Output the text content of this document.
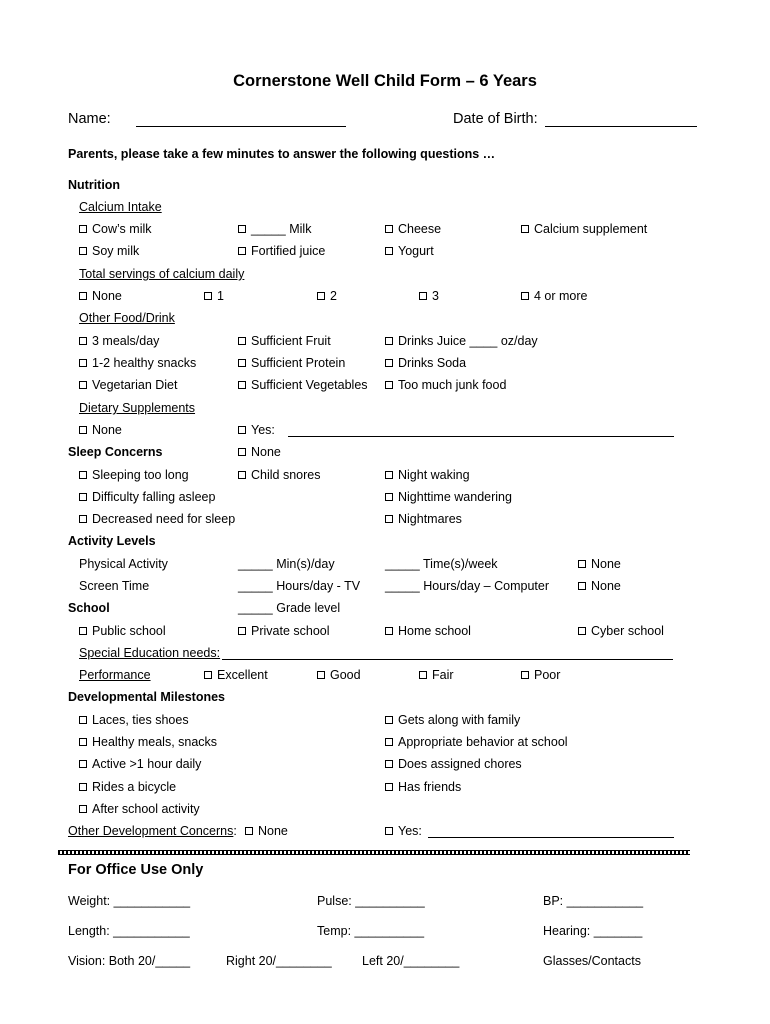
Cornerstone Well Child Form – 6 Years
Name:	Date of Birth:
Parents, please take a few minutes to answer the following questions …
Nutrition
Calcium Intake
Cow’s milk	_____ Milk	Cheese	Calcium supplement
Soy milk	Fortified juice	Yogurt
Total servings of calcium daily
None	1	2	3	4 or more
Other Food/Drink
3 meals/day	Sufficient Fruit	Drinks Juice ____ oz/day
1-2 healthy snacks	Sufficient Protein	Drinks Soda
Vegetarian Diet	Sufficient Vegetables	Too much junk food
Dietary Supplements
None	Yes:
Sleep Concerns	None
Sleeping too long	Child snores	Night waking
Difficulty falling asleep	Nighttime wandering
Decreased need for sleep	Nightmares
Activity Levels
Physical Activity	_____ Min(s)/day	_____ Time(s)/week	None
Screen Time	_____ Hours/day - TV _____ Hours/day – Computer	None
School	_____ Grade level
Public school	Private school	Home school	Cyber school
Special Education needs:
Performance	Excellent	Good	Fair	Poor
Developmental Milestones
Laces, ties shoes	Gets along with family
Healthy meals, snacks	Appropriate behavior at school
Active >1 hour daily	Does assigned chores
Rides a bicycle	Has friends
After school activity
Other Development Concerns:	None	Yes:
For Office Use Only
Weight: ___________	Pulse: __________	BP: ___________
Length: ___________	Temp: __________	Hearing: _______
Vision: Both 20/_____	Right 20/________ Left 20/________	Glasses/Contacts
